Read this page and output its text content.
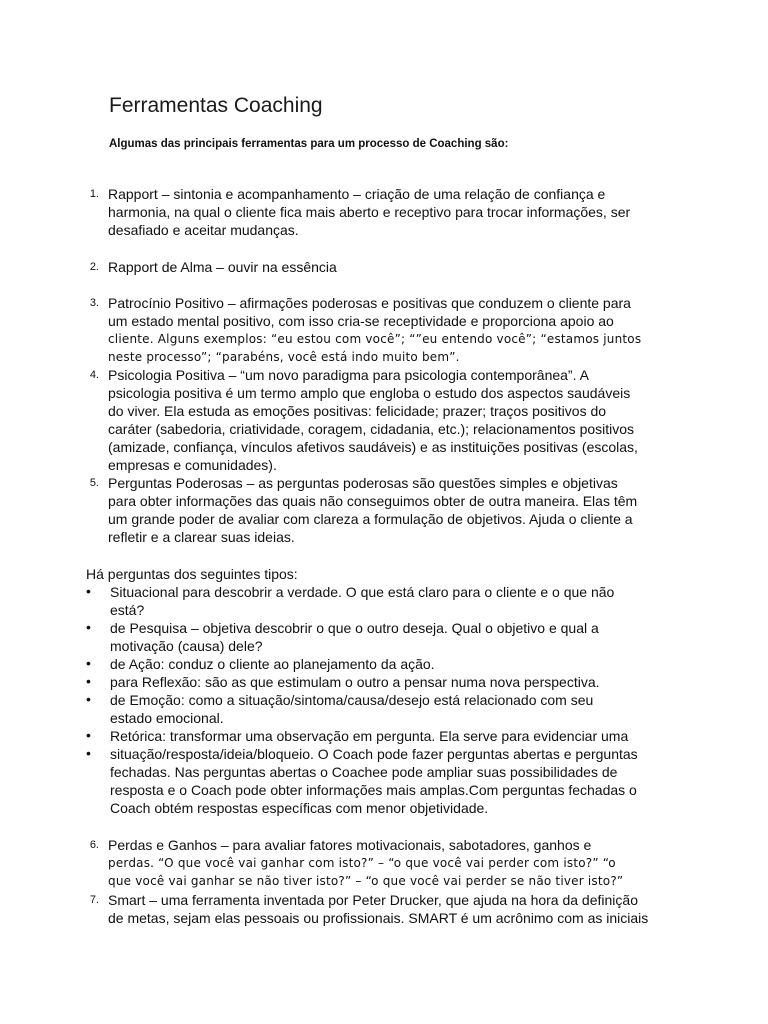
Ferramentas Coaching
Algumas das principais ferramentas para um processo de Coaching são:
1. Rapport – sintonia e acompanhamento – criação de uma relação de confiança e
harmonia, na qual o cliente fica mais aberto e receptivo para trocar informações, ser
desafiado e aceitar mudanças.
2. Rapport de Alma – ouvir na essência
3. Patrocínio Positivo – afirmações poderosas e positivas que conduzem o cliente para
um estado mental positivo, com isso cria-se receptividade e proporciona apoio ao
cliente. Alguns exemplos: “eu estou com você”; “”eu entendo você”; “estamos juntos
neste processo”; “parabéns, você está indo muito bem”.
4. Psicologia Positiva – “um novo paradigma para psicologia contemporânea”. A
psicologia positiva é um termo amplo que engloba o estudo dos aspectos saudáveis
do viver. Ela estuda as emoções positivas: felicidade; prazer; traços positivos do
caráter (sabedoria, criatividade, coragem, cidadania, etc.); relacionamentos positivos
(amizade, confiança, vínculos afetivos saudáveis) e as instituições positivas (escolas,
empresas e comunidades).
5. Perguntas Poderosas – as perguntas poderosas são questões simples e objetivas
para obter informações das quais não conseguimos obter de outra maneira. Elas têm
um grande poder de avaliar com clareza a formulação de objetivos. Ajuda o cliente a
refletir e a clarear suas ideias.
Há perguntas dos seguintes tipos:
• Situacional para descobrir a verdade. O que está claro para o cliente e o que não
está?
• de Pesquisa – objetiva descobrir o que o outro deseja. Qual o objetivo e qual a
motivação (causa) dele?
• de Ação: conduz o cliente ao planejamento da ação.
• para Reflexão: são as que estimulam o outro a pensar numa nova perspectiva.
• de Emoção: como a situação/sintoma/causa/desejo está relacionado com seu
estado emocional.
• Retórica: transformar uma observação em pergunta. Ela serve para evidenciar uma
• situação/resposta/ideia/bloqueio. O Coach pode fazer perguntas abertas e perguntas
fechadas. Nas perguntas abertas o Coachee pode ampliar suas possibilidades de
resposta e o Coach pode obter informações mais amplas.Com perguntas fechadas o
Coach obtém respostas específicas com menor objetividade.
6. Perdas e Ganhos – para avaliar fatores motivacionais, sabotadores, ganhos e
perdas. “O que você vai ganhar com isto?” – “o que você vai perder com isto?” “o
que você vai ganhar se não tiver isto?” – “o que você vai perder se não tiver isto?”
7. Smart – uma ferramenta inventada por Peter Drucker, que ajuda na hora da definição
de metas, sejam elas pessoais ou profissionais. SMART é um acrônimo com as iniciais
